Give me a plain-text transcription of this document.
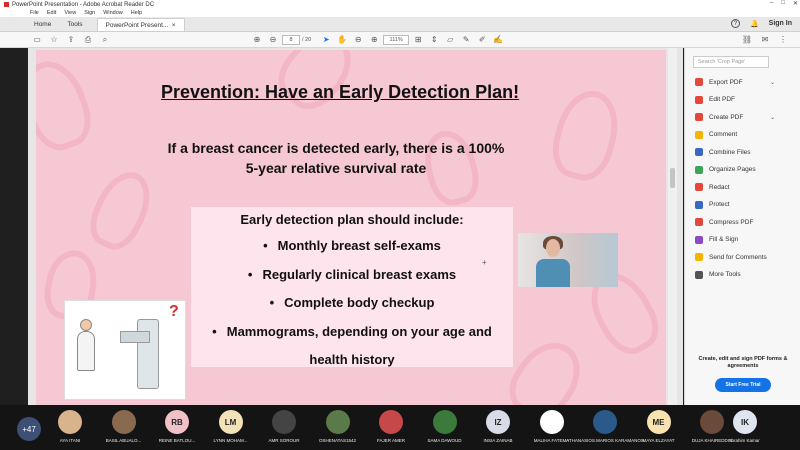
PowerPoint Presentation - Adobe Acrobat Reader DC	– □ ✕
File Edit View Sign Window Help
Home	Tools	PowerPoint Present... ×	?	🔔 Sign In
▭	☆	⇪	⎙	⌕	⊕	⊖	8	/ 20	➤ ✋ ⊖	⊕	111%	⊞	⇕	▱	✎	✐ ✍	⛓	✉	⋮
Prevention: Have an Early Detection Plan!
If a breast cancer is detected early, there is a 100% 5-year relative survival rate
Early detection plan should include:
• Monthly breast self-exams
• Regularly clinical breast exams
• Complete body checkup
• Mammograms, depending on your age and
health history
?
+
Search 'Crop Page'
Export PDF	⌄
Edit PDF
Create PDF	⌄
Comment
Combine Files
Organize Pages
Redact
Protect
Compress PDF
Fill & Sign
Send for Comments
More Tools
Create, edit and sign PDF forms & agreements
Start Free Trial
+47
AYA ITANI	BASIL ABUALO...
RB
REINE BATLOU...
LM
LYNN MOHAM...	AMR SOROUR	OSHENATAS1542	FAJER AMER	SAMA DAWOUD
IZ
INSIA ZAINAB	MALIHA FATEMA
ATHANASIOS.MARIOS KARAMANOS
ME
MAYA ELZAYAT	DUJA KHAIREDDIN
IK
Ibrahim Kamar
